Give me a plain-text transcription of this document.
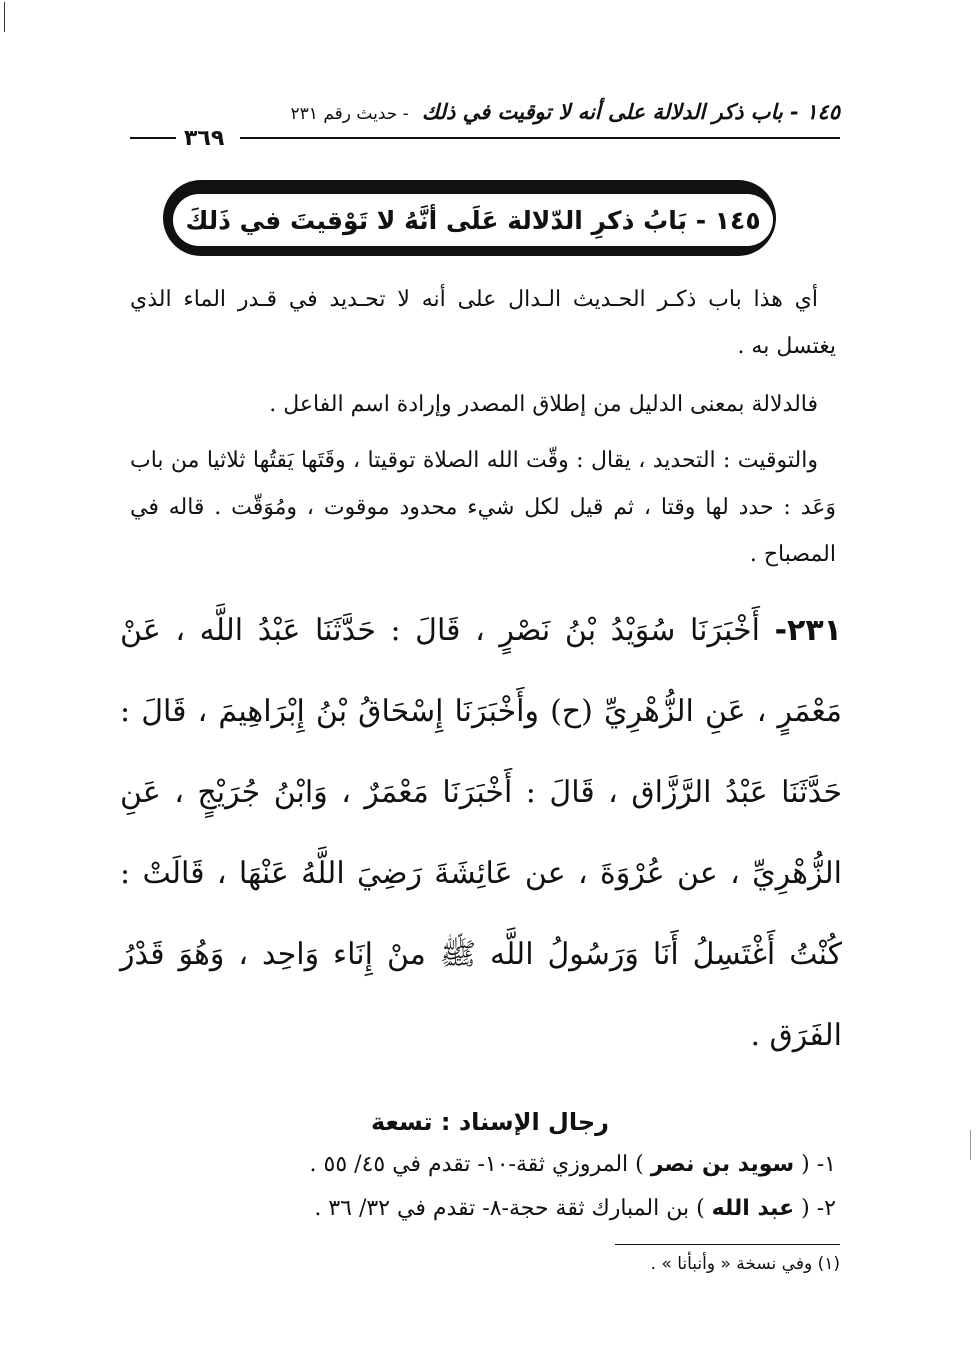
١٤٥ - باب ذكر الدلالة على أنه لا توقيت في ذلك - حديث رقم ٢٣١
٣٦٩
١٤٥ - بَابُ ذكرِ الدّلالة عَلَى أنَّهُ لا تَوْقيتَ في ذَلكَ
أي هذا باب ذكـر الحـديث الـدال على أنه لا تحـديد في قـدر الماء الذي يغتسل به .
فالدلالة بمعنى الدليل من إطلاق المصدر وإرادة اسم الفاعل .
والتوقيت : التحديد ، يقال : وقّت الله الصلاة توقيتا ، وقَتَها يَقتُها ثلاثيا من باب وَعَد : حدد لها وقتا ، ثم قيل لكل شيء محدود موقوت ، ومُوَقّت . قاله في المصباح .
٢٣١- أَخْبَرَنَا سُوَيْدُ بْنُ نَصْرٍ ، قَالَ : حَدَّثَنَا عَبْدُ اللَّه ، عَنْ مَعْمَرٍ ، عَنِ الزُّهْرِيِّ (ح) وأَخْبَرَنَا إِسْحَاقُ بْنُ إِبْرَاهِيمَ ، قَالَ : حَدَّثَنَا عَبْدُ الرَّزَّاق ، قَالَ : أَخْبَرَنَا مَعْمَرٌ ، وَابْنُ جُرَيْجٍ ، عَنِ الزُّهْرِيِّ ، عن عُرْوَةَ ، عن عَائِشَةَ رَضِيَ اللَّهُ عَنْهَا ، قَالَتْ : كُنْتُ أَغْتَسِلُ أَنَا وَرَسُولُ اللَّه ﷺ منْ إِنَاء وَاحِد ، وَهُوَ قَدْرُ الفَرَق .
رجال الإسناد : تسعة
١- ( سويد بن نصر ) المروزي ثقة-١٠- تقدم في ٤٥/ ٥٥ .
٢- ( عبد الله ) بن المبارك ثقة حجة-٨- تقدم في ٣٢/ ٣٦ .
(١) وفي نسخة « وأنبأنا » .
